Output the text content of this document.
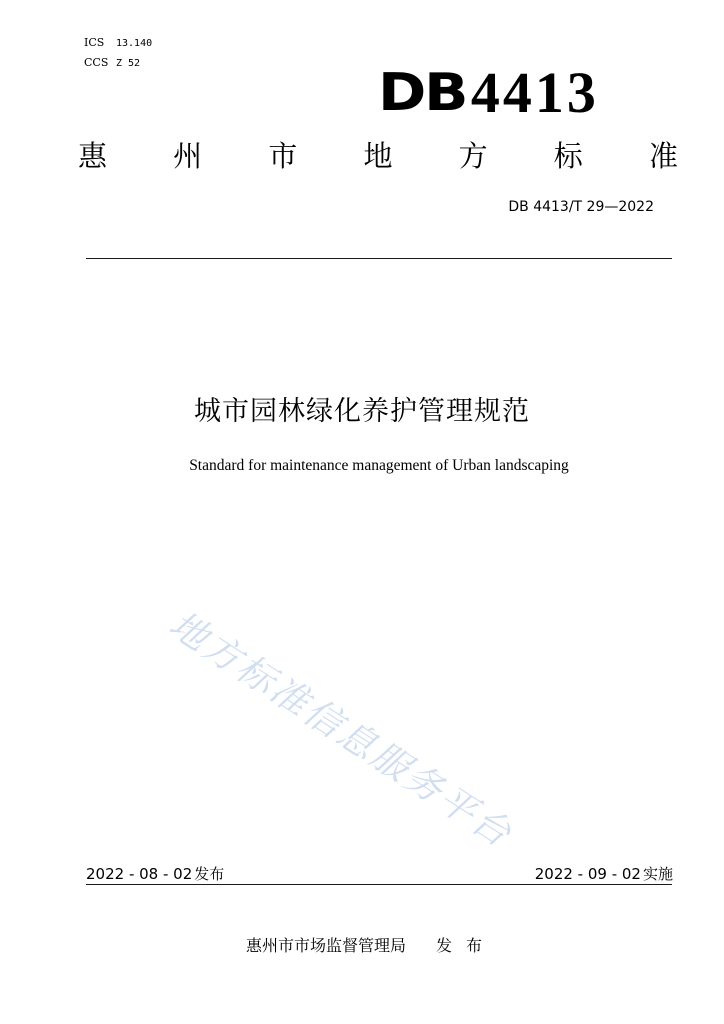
ICS 13.140
CCS Z 52	DB4413
惠 州 市 地 方 标 准
DB 4413/T 29—2022
城市园林绿化养护管理规范
Standard for maintenance management of Urban landscaping
地方标准信息服务平台
2022 - 08 - 02 发布	2022 - 09 - 02 实施
惠州市市场监督管理局 发布
